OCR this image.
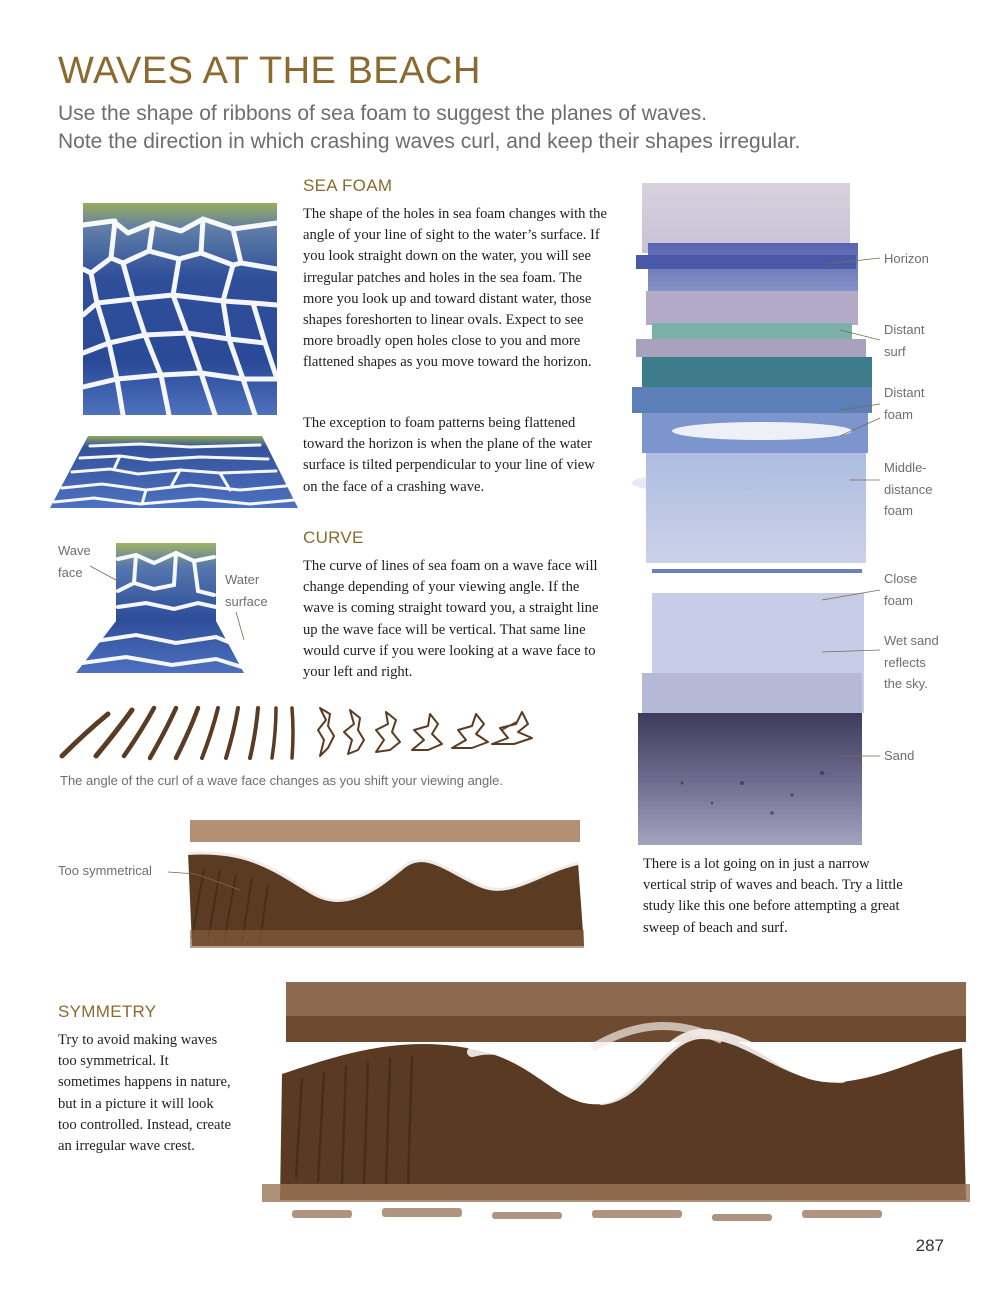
WAVES AT THE BEACH
Use the shape of ribbons of sea foam to suggest the planes of waves.
Note the direction in which crashing waves curl, and keep their shapes irregular.
Wave
face	Water
surface
SEA FOAM
The shape of the holes in sea foam changes with the angle of your line of sight to the water’s surface. If you look straight down on the water, you will see irregular patches and holes in the sea foam. The more you look up and toward distant water, those shapes foreshorten to linear ovals. Expect to see more broadly open holes close to you and more flattened shapes as you move toward the horizon.
The exception to foam patterns being flattened toward the horizon is when the plane of the water surface is tilted perpendicular to your line of view on the face of a crashing wave.
CURVE
The curve of lines of sea foam on a wave face will change depending of your viewing angle. If the wave is coming straight toward you, a straight line up the wave face will be vertical. That same line would curve if you were looking at a wave face to your left and right.
The angle of the curl of a wave face changes as you shift your viewing angle.
Horizon
Distant
surf
Distant
foam
Middle-
distance
foam
Close
foam
Wet sand
reflects
the sky.
Sand
There is a lot going on in just a narrow vertical strip of waves and beach. Try a little study like this one before attempting a great sweep of beach and surf.
Too symmetrical
SYMMETRY
Try to avoid making waves too symmetrical. It sometimes happens in nature, but in a picture it will look too controlled. Instead, create an irregular wave crest.
287
